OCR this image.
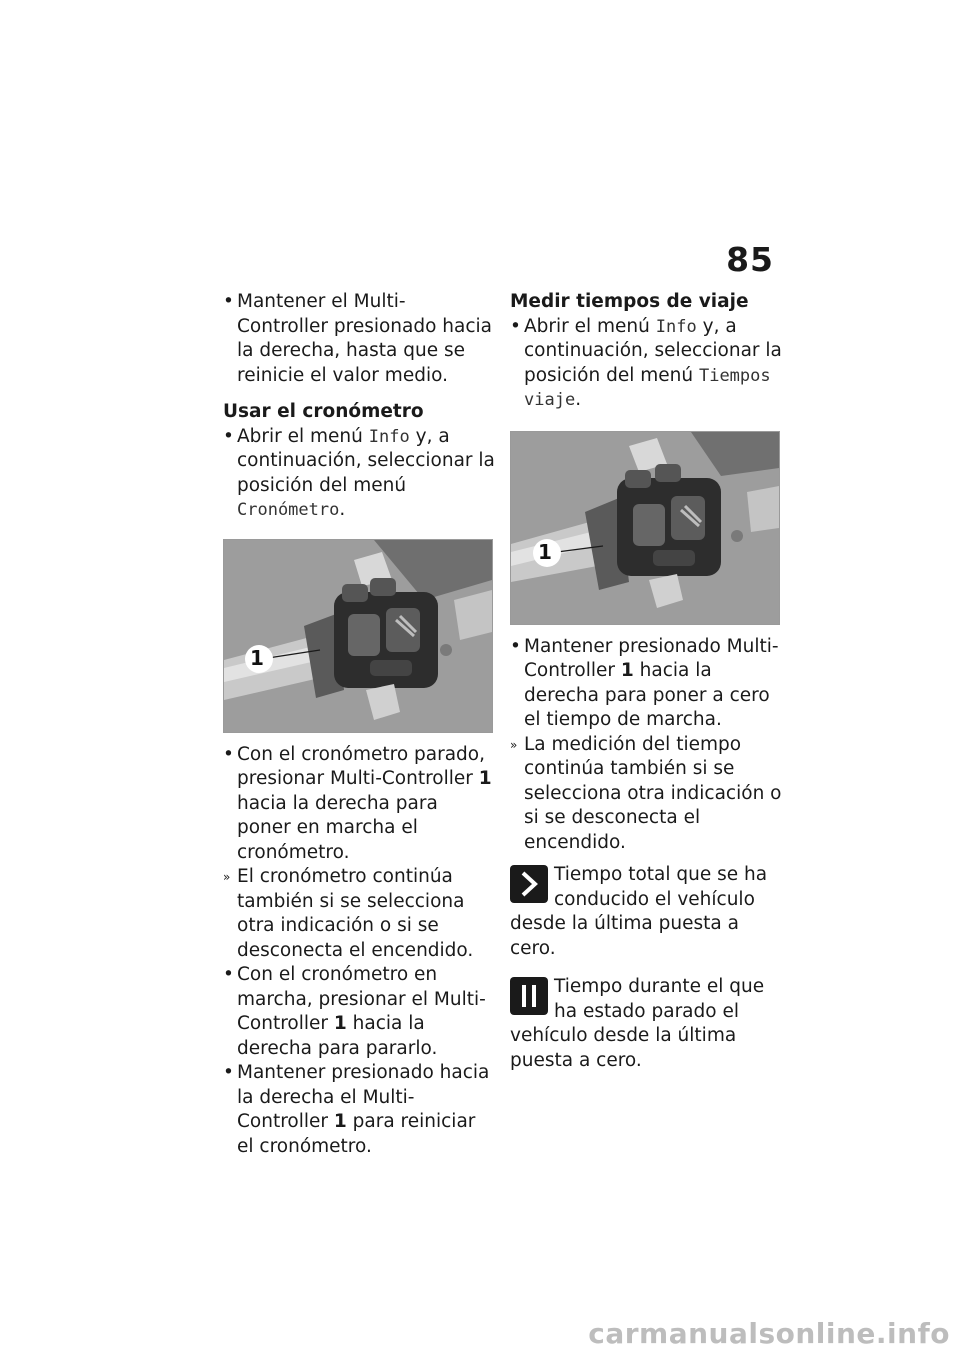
85

• Mantener el Multi-Controller presionado hacia la derecha, hasta que se reinicie el valor medio.

Usar el cronómetro

• Abrir el menú Info y, a continuación, seleccionar la posición del menú Cronómetro.

1

• Con el cronómetro parado, presionar Multi-Controller 1 hacia la derecha para poner en marcha el cronómetro.

» El cronómetro continúa también si se selecciona otra indicación o si se desconecta el encendido.

• Con el cronómetro en marcha, presionar el Multi-Controller 1 hacia la derecha para pararlo.

• Mantener presionado hacia la derecha el Multi-Controller 1 para reiniciar el cronómetro.

Medir tiempos de viaje

• Abrir el menú Info y, a continuación, seleccionar la posición del menú Tiempos viaje.

1

• Mantener presionado Multi-Controller 1 hacia la derecha para poner a cero el tiempo de marcha.

» La medición del tiempo continúa también si se selecciona otra indicación o si se desconecta el encendido.

Tiempo total que se ha conducido el vehículo desde la última puesta a cero.
Tiempo durante el que ha estado parado el vehículo desde la última puesta a cero.
carmanualsonline.info
